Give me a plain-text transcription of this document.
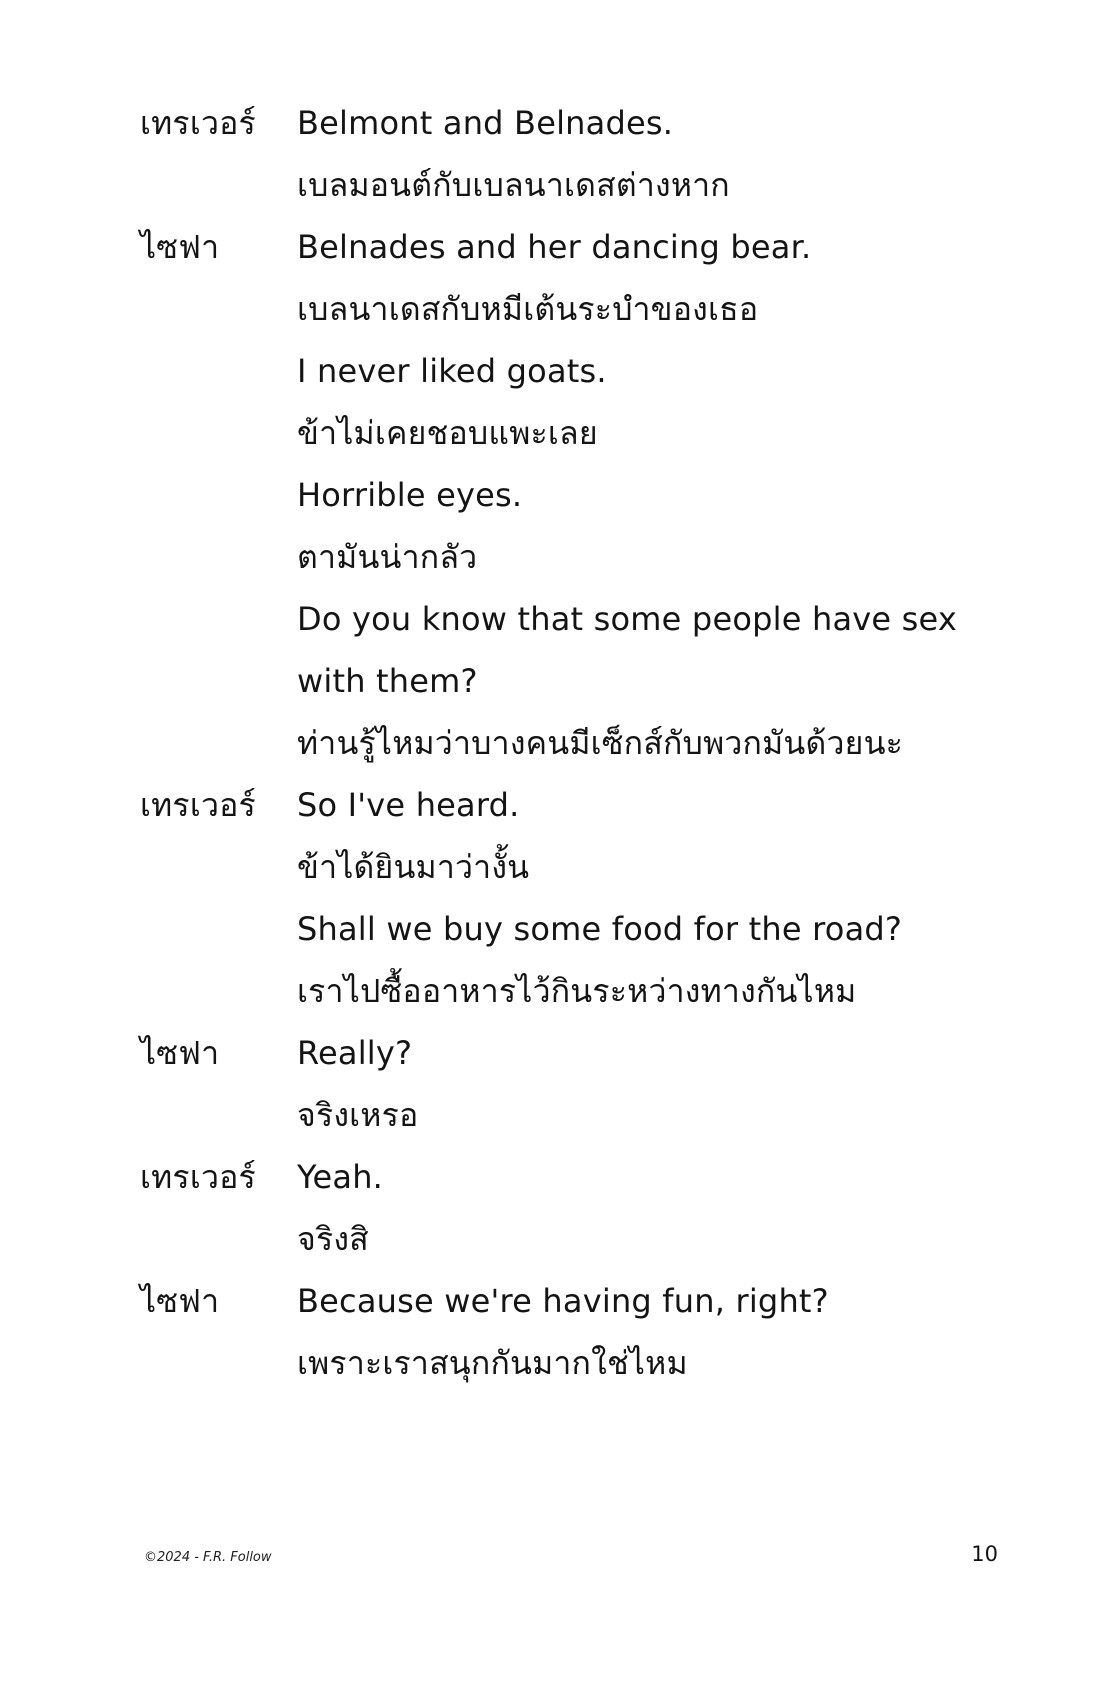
เทรเวอร์	Belmont and Belnades.
เบลมอนต์กับเบลนาเดสต่างหาก
ไซฟา	Belnades and her dancing bear.
เบลนาเดสกับหมีเต้นระบำของเธอ
I never liked goats.
ข้าไม่เคยชอบแพะเลย
Horrible eyes.
ตามันน่ากลัว
Do you know that some people have sex
with them?
ท่านรู้ไหมว่าบางคนมีเซ็กส์กับพวกมันด้วยนะ
เทรเวอร์	So I've heard.
ข้าได้ยินมาว่างั้น
Shall we buy some food for the road?
เราไปซื้ออาหารไว้กินระหว่างทางกันไหม
ไซฟา	Really?
จริงเหรอ
เทรเวอร์	Yeah.
จริงสิ
ไซฟา	Because we're having fun, right?
เพราะเราสนุกกันมากใช่ไหม
©2024 - F.R. Follow	10
